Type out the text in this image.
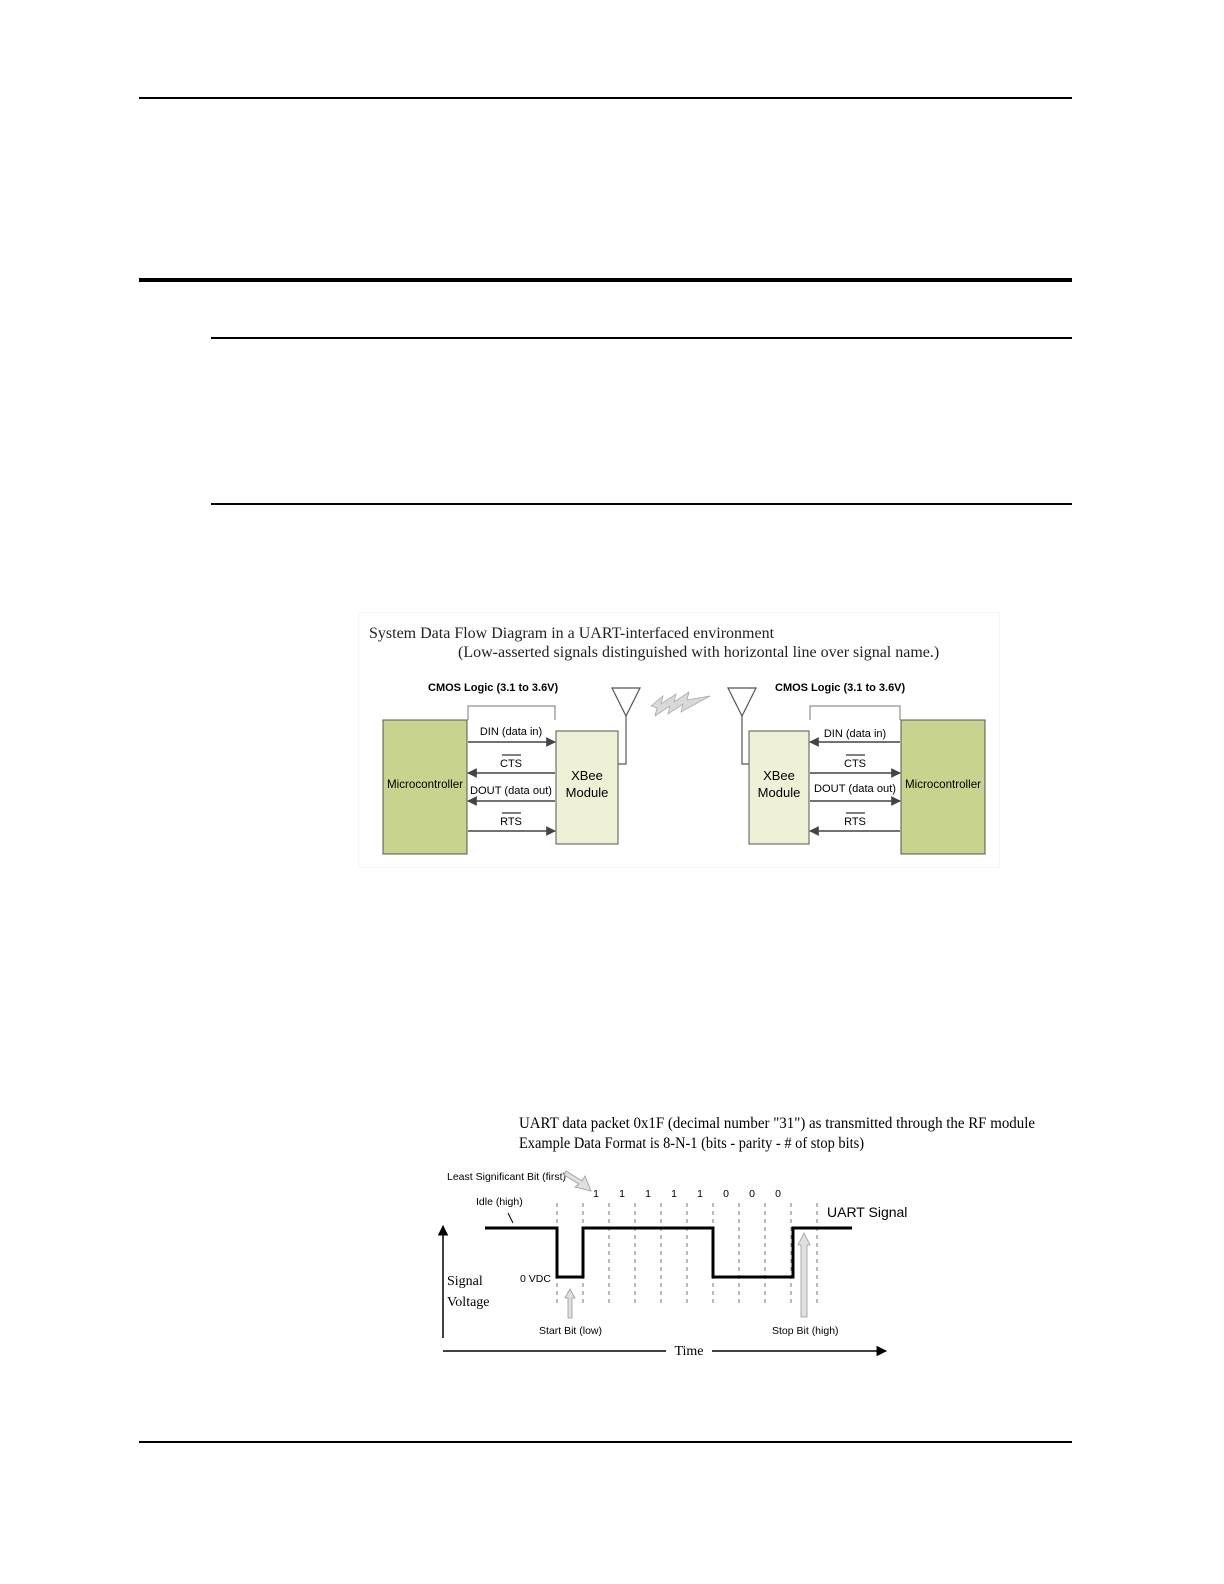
System Data Flow Diagram in a UART-interfaced environment
(Low-asserted signals distinguished with horizontal line over signal name.)
CMOS Logic (3.1 to 3.6V)	CMOS Logic (3.1 to 3.6V)
Microcontroller
XBee
Module
DIN (data in)
CTS
DOUT (data out)
RTS
XBee
Module
Microcontroller
DIN (data in)
CTS
DOUT (data out)
RTS
UART data packet 0x1F (decimal number "31") as transmitted through the RF module
Example Data Format is 8-N-1 (bits - parity - # of stop bits)
Least Significant Bit (first)
Idle (high)
1 1 1 1 1 0 0 0
UART Signal
0 VDC
Signal
Voltage
Start Bit (low)	Stop Bit (high)
Time
